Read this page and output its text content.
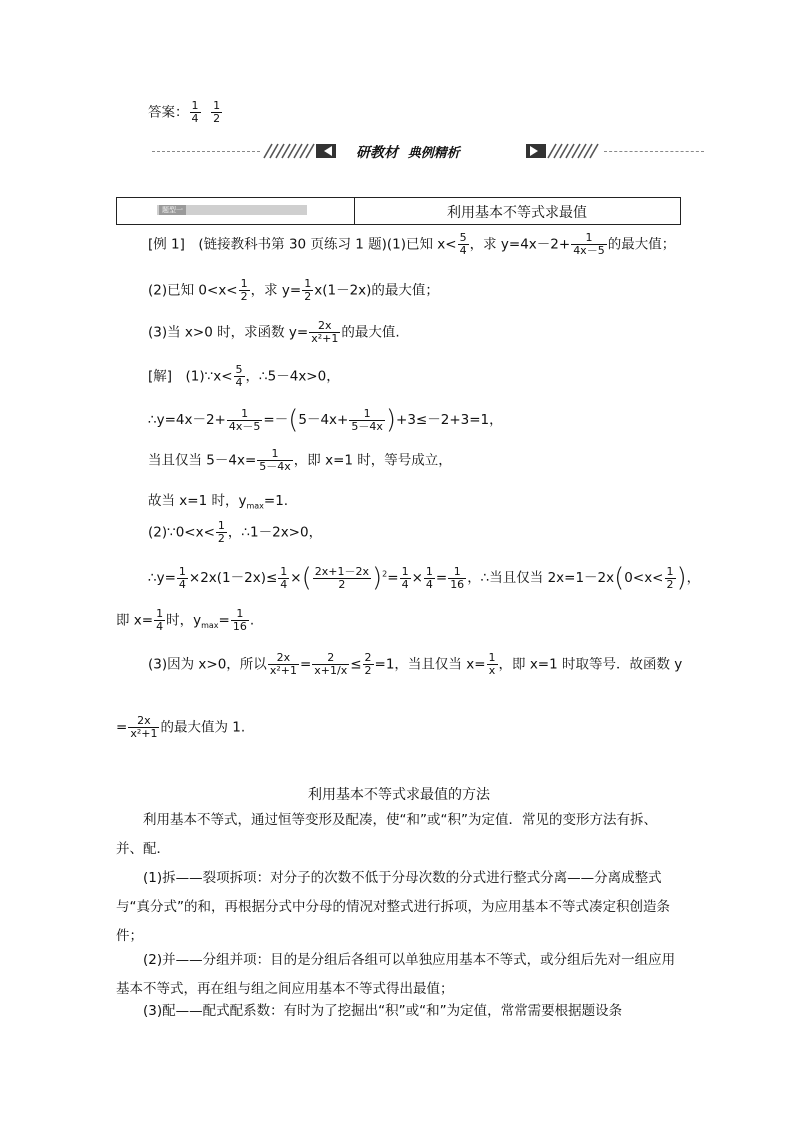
答案： $\frac{1}{4}$
$\frac{1}{2}$
研教材 典例精析
题型一	利用基本不等式求最值
[例 1]　(链接教科书第 30 页练习 1 题)(1)已知 $x< \frac{5}{4}$ ，求 $y=4x-2+ \frac{1}{4x-5}$ 的最大值；
(2)已知 $0<x< \frac{1}{2}$ ，求 $y= \frac{1}{2} x(1-2x)$的最大值；
(3)当 x>0 时，求函数 $y= \frac{2x}{\text{x²+1}}$ 的最大值.
[解]　(1)∵x< $\frac{5}{4}$ ，∴5－4x>0，
∴y=4x－2+ $\frac{1}{4x-5} =-(5-4x+ \frac{1}{5-4x} )+3\le-2+3=1$，
当且仅当 $5-4x= \frac{1}{5-4x}$ ，即 x=1 时，等号成立，
故当 x=1 时，$y_{max}=1$.
(2)∵0<x< $\frac{1}{2}$ ，∴1－2x>0，
∴y= $\frac{1}{4} \times 2x(1-2x)\le \frac{1}{4}$ ×( $\frac{2x+1-2x}{2} )^2= \frac{1}{4} \times \frac{1}{4} = \frac{1}{16}$ ，∴当且仅当 $2x=1-2x(0<x< \frac{1}{2}$ )，
即 $x= \frac{1}{4}$ 时，$y_{max}= \frac{1}{16}$ .
(3)因为 x>0，所以 $\frac{2x}{\text{x²+1}} = \frac{2}{x+1/x} \le \frac{2}{2} =1$，当且仅当 $x= \frac{1}{x}$ ，即 x=1 时取等号．故函数 y
= $\frac{2x}{\text{x²+1}}$ 的最大值为 1.
利用基本不等式求最值的方法
利用基本不等式，通过恒等变形及配凑，使“和”或“积”为定值．常见的变形方法有拆、并、配．
(1)拆——裂项拆项：对分子的次数不低于分母次数的分式进行整式分离——分离成整式与“真分式”的和，再根据分式中分母的情况对整式进行拆项，为应用基本不等式凑定积创造条件；
(2)并——分组并项：目的是分组后各组可以单独应用基本不等式，或分组后先对一组应用基本不等式，再在组与组之间应用基本不等式得出最值；
(3)配——配式配系数：有时为了挖掘出“积”或“和”为定值，常常需要根据题设条
